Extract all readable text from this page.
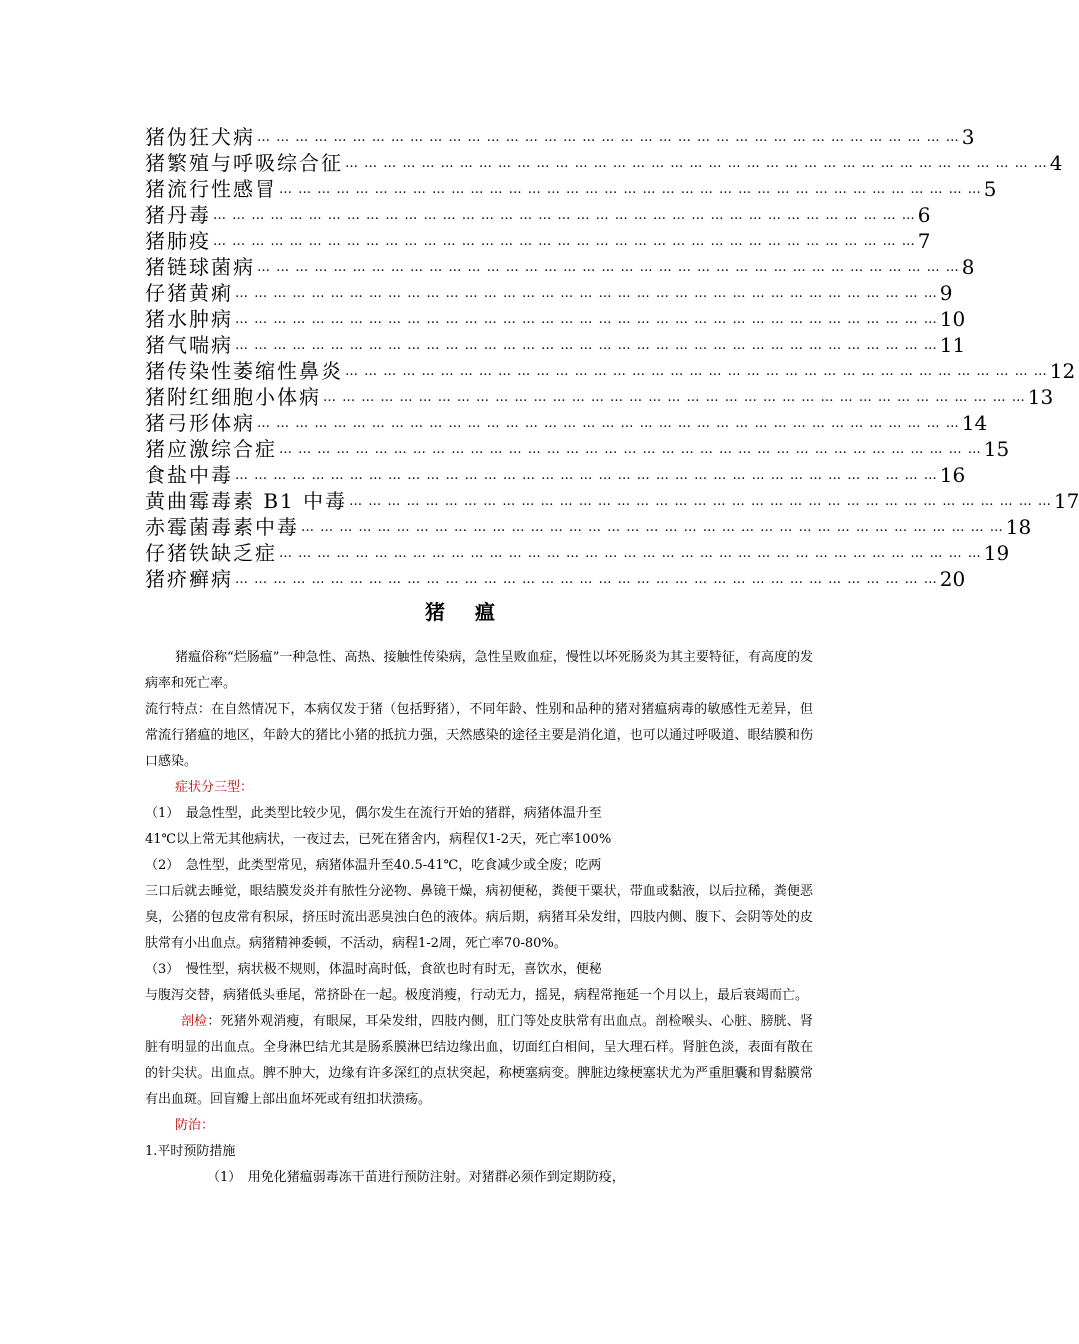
猪伪狂犬病 … … … … … … … … … … … … … … … … … … … … … … … … … … … … … … … … … … … … … 3
猪繁殖与呼吸综合征 … … … … … … … … … … … … … … … … … … … … … … … … … … … … … … … … … … … … … 4
猪流行性感冒 … … … … … … … … … … … … … … … … … … … … … … … … … … … … … … … … … … … … … 5
猪丹毒 … … … … … … … … … … … … … … … … … … … … … … … … … … … … … … … … … … … … … 6
猪肺疫 … … … … … … … … … … … … … … … … … … … … … … … … … … … … … … … … … … … … … 7
猪链球菌病 … … … … … … … … … … … … … … … … … … … … … … … … … … … … … … … … … … … … … 8
仔猪黄痢 … … … … … … … … … … … … … … … … … … … … … … … … … … … … … … … … … … … … … 9
猪水肿病 … … … … … … … … … … … … … … … … … … … … … … … … … … … … … … … … … … … … … 10
猪气喘病 … … … … … … … … … … … … … … … … … … … … … … … … … … … … … … … … … … … … … 11
猪传染性萎缩性鼻炎 … … … … … … … … … … … … … … … … … … … … … … … … … … … … … … … … … … … … … 12
猪附红细胞小体病 … … … … … … … … … … … … … … … … … … … … … … … … … … … … … … … … … … … … … 13
猪弓形体病 … … … … … … … … … … … … … … … … … … … … … … … … … … … … … … … … … … … … … 14
猪应激综合症 … … … … … … … … … … … … … … … … … … … … … … … … … … … … … … … … … … … … … 15
食盐中毒 … … … … … … … … … … … … … … … … … … … … … … … … … … … … … … … … … … … … … 16
黄曲霉毒素 B1 中毒 … … … … … … … … … … … … … … … … … … … … … … … … … … … … … … … … … … … … … 17
赤霉菌毒素中毒 … … … … … … … … … … … … … … … … … … … … … … … … … … … … … … … … … … … … … 18
仔猪铁缺乏症 … … … … … … … … … … … … … … … … … … … … … … … … … … … … … … … … … … … … … 19
猪疥癣病 … … … … … … … … … … … … … … … … … … … … … … … … … … … … … … … … … … … … … 20
猪瘟

猪瘟俗称“烂肠瘟”一种急性、高热、接触性传染病，急性呈败血症，慢性以坏死肠炎为其主要特征，有高度的发病率和死亡率。

流行特点：在自然情况下，本病仅发于猪（包括野猪），不同年龄、性别和品种的猪对猪瘟病毒的敏感性无差异，但常流行猪瘟的地区，年龄大的猪比小猪的抵抗力强，天然感染的途径主要是消化道，也可以通过呼吸道、眼结膜和伤口感染。

症状分三型：

（1）　最急性型，此类型比较少见，偶尔发生在流行开始的猪群，病猪体温升至

41℃以上常无其他病状，一夜过去，已死在猪舍内，病程仅1-2天，死亡率100%

（2）　急性型，此类型常见，病猪体温升至40.5-41℃，吃食减少或全废；吃两

三口后就去睡觉，眼结膜发炎并有脓性分泌物、鼻镜干燥，病初便秘，粪便干粟状，带血或黏液，以后拉稀，粪便恶臭，公猪的包皮常有积尿，挤压时流出恶臭浊白色的液体。病后期，病猪耳朵发绀，四肢内侧、腹下、会阴等处的皮肤常有小出血点。病猪精神委顿，不活动，病程1-2周，死亡率70-80%。

（3）　慢性型，病状极不规则，体温时高时低，食欲也时有时无，喜饮水，便秘

与腹泻交替，病猪低头垂尾，常挤卧在一起。极度消瘦，行动无力，摇晃，病程常拖延一个月以上，最后衰竭而亡。

剖检：死猪外观消瘦，有眼屎，耳朵发绀，四肢内侧，肛门等处皮肤常有出血点。剖检喉头、心脏、膀胱、肾脏有明显的出血点。全身淋巴结尤其是肠系膜淋巴结边缘出血，切面红白相间，呈大理石样。肾脏色淡，表面有散在的针尖状。出血点。脾不肿大，边缘有许多深红的点状突起，称梗塞病变。脾脏边缘梗塞状尤为严重胆囊和胃黏膜常有出血斑。回盲瓣上部出血坏死或有纽扣状溃疡。

防治：

1.平时预防措施

（1）　用免化猪瘟弱毒冻干苗进行预防注射。对猪群必须作到定期防疫，
